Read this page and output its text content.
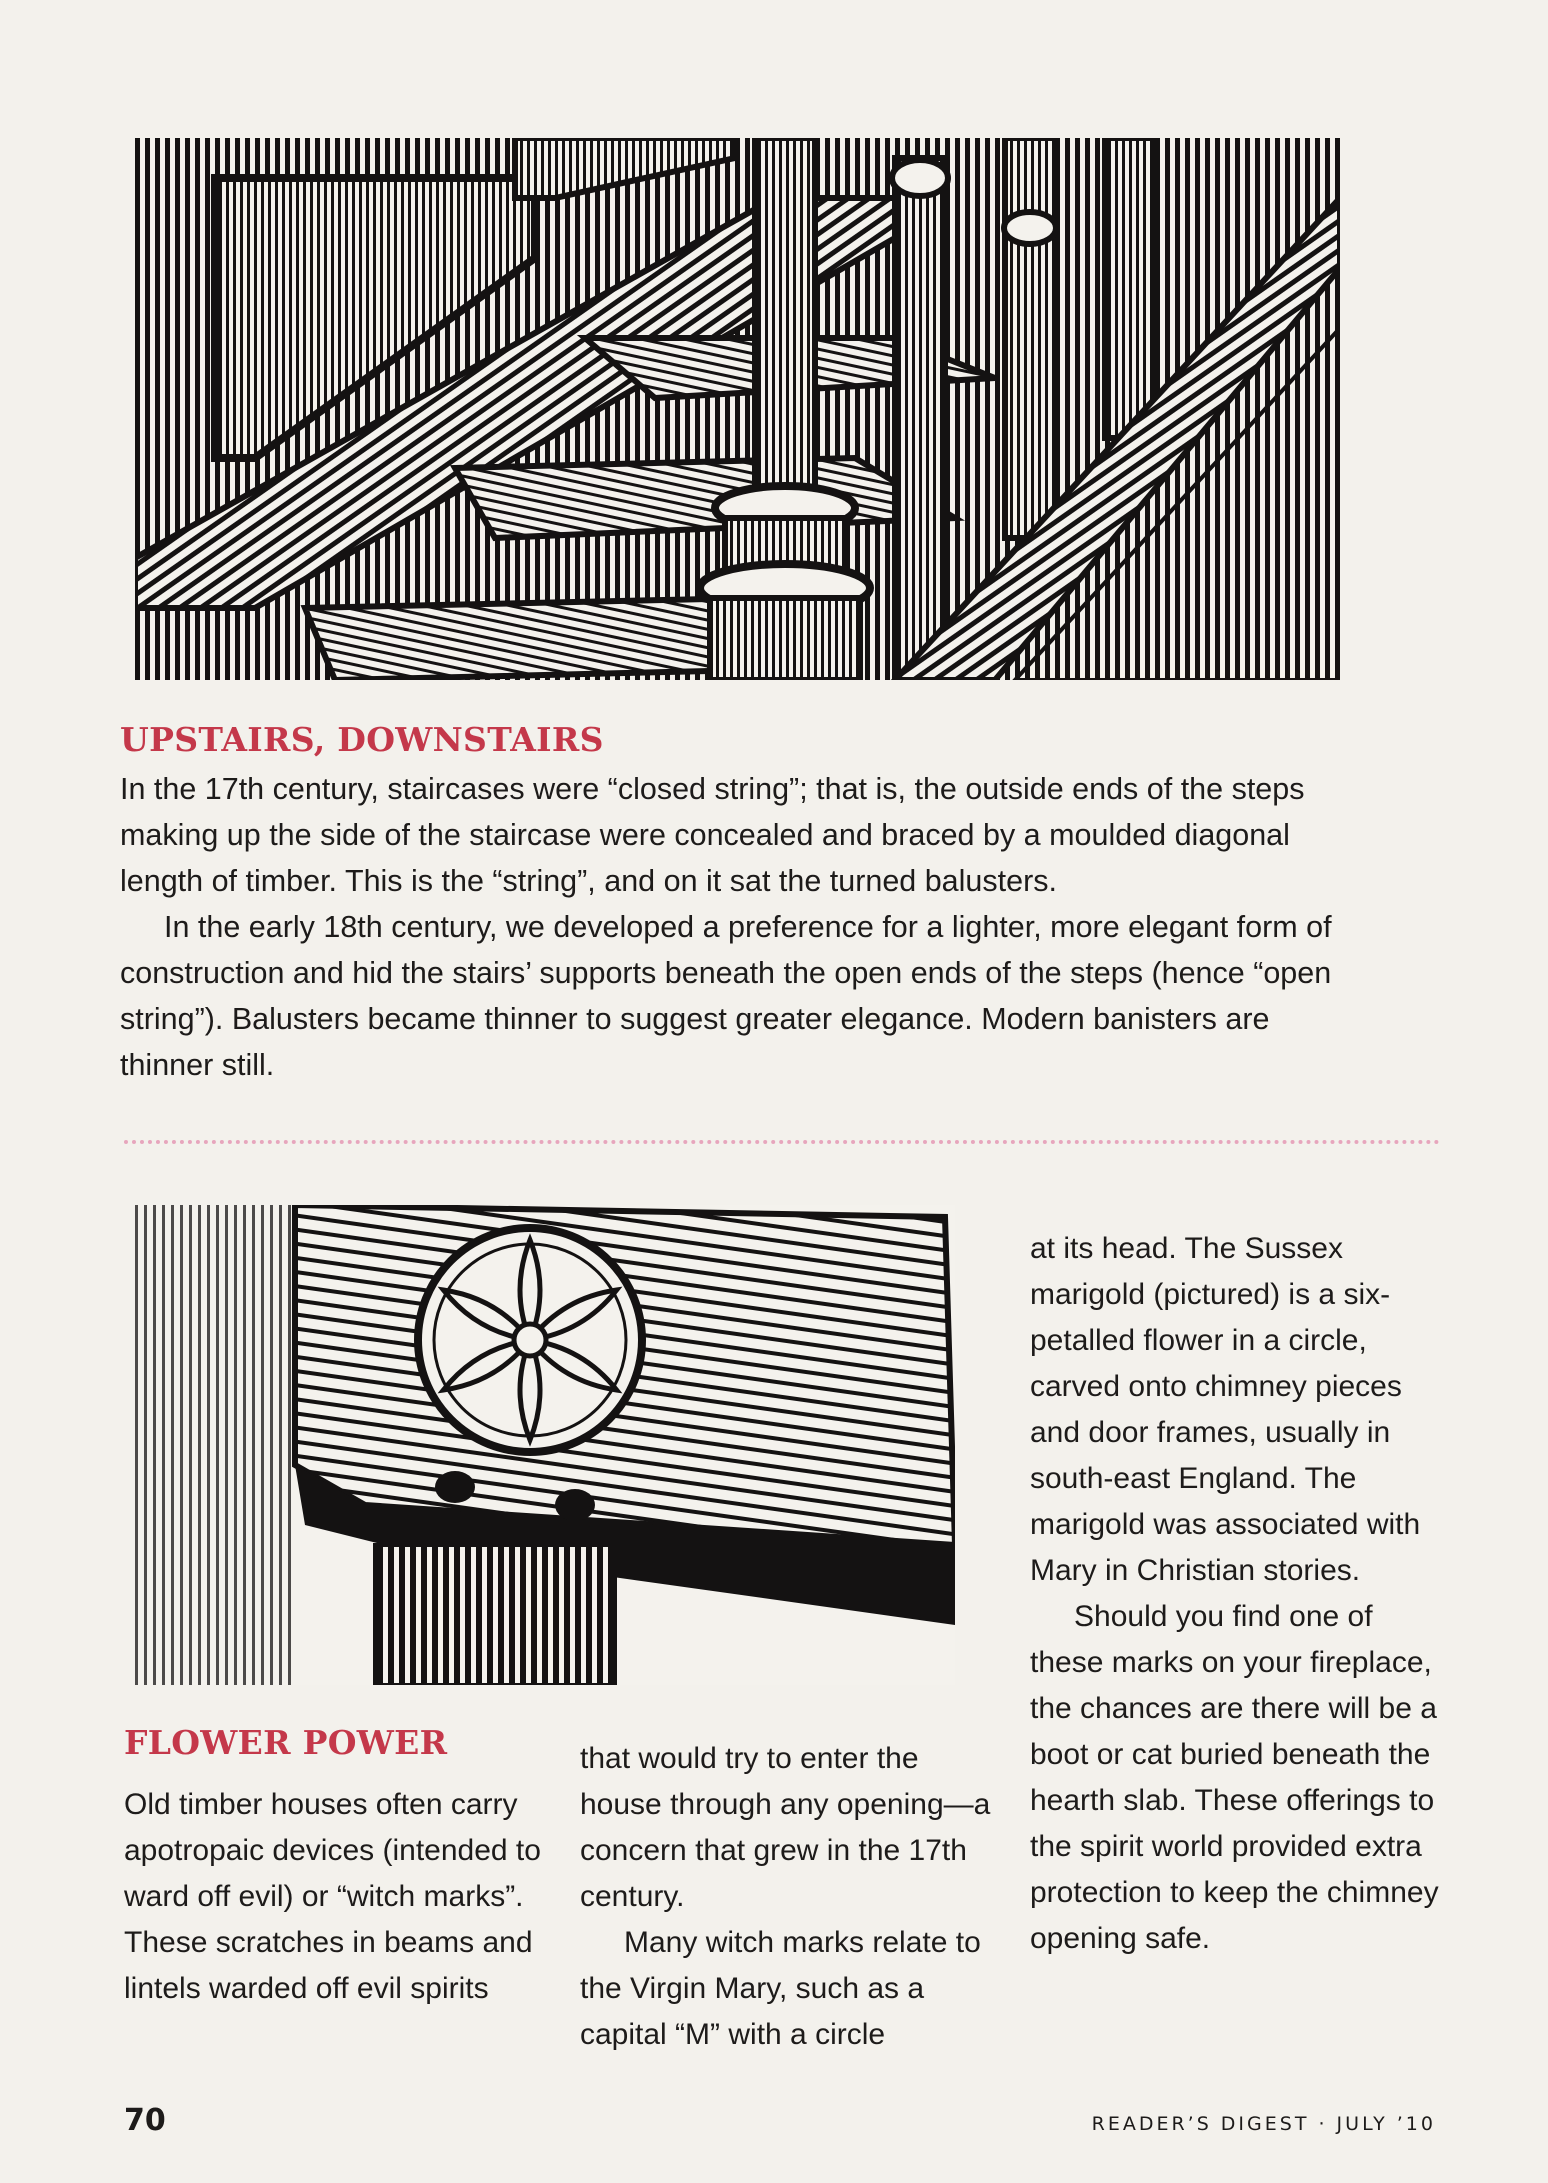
UPSTAIRS, DOWNSTAIRS

In the 17th century, staircases were “closed string”; that is, the outside ends of the steps making up the side of the staircase were concealed and braced by a moulded diagonal length of timber. This is the “string”, and on it sat the turned balusters.

In the early 18th century, we developed a preference for a lighter, more elegant form of construction and hid the stairs’ supports beneath the open ends of the steps (hence “open string”). Balusters became thinner to suggest greater elegance. Modern banisters are thinner still.

FLOWER POWER

Old timber houses often carry apotropaic devices (intended to ward off evil) or “witch marks”. These scratches in beams and lintels warded off evil spirits

that would try to enter the house through any opening—a concern that grew in the 17th century.

Many witch marks relate to the Virgin Mary, such as a capital “M” with a circle

at its head. The Sussex marigold (pictured) is a six-petalled flower in a circle, carved onto chimney pieces and door frames, usually in south-east England. The marigold was associated with Mary in Christian stories.

Should you find one of these marks on your fireplace, the chances are there will be a boot or cat buried beneath the hearth slab. These offerings to the spirit world provided extra protection to keep the chimney opening safe.

70	READER’S DIGEST · JULY ’10
